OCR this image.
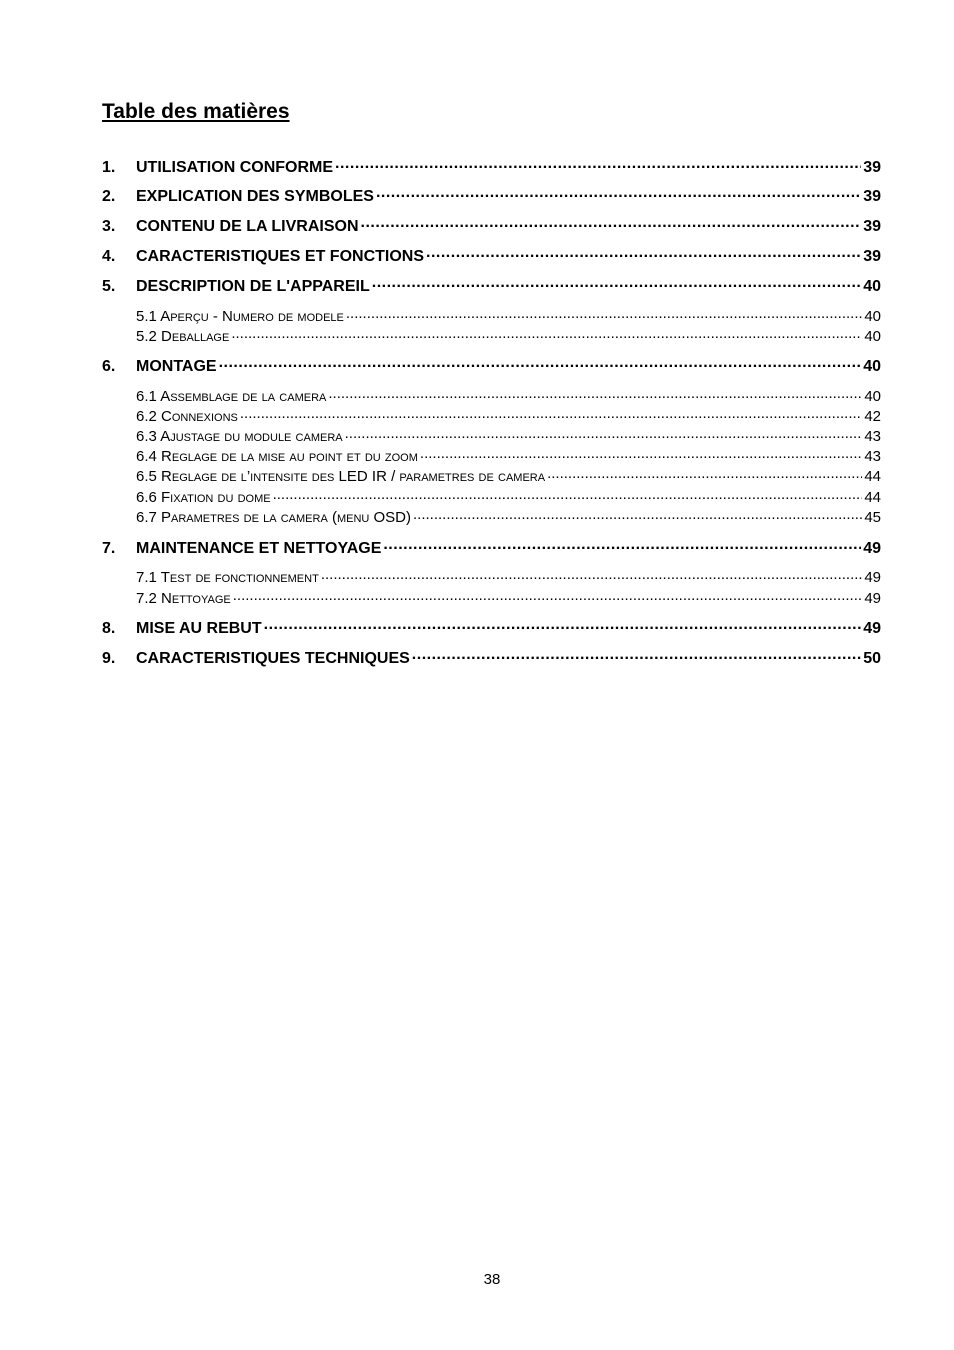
Table des matières
1.	UTILISATION CONFORME .....	39
2.	EXPLICATION DES SYMBOLES .....	39
3.	CONTENU DE LA LIVRAISON .....	39
4.	CARACTERISTIQUES ET FONCTIONS .....	39
5.	DESCRIPTION DE L'APPAREIL .....	40
5.1 Aperçu - Numero de modele .....	40
5.2 Deballage .....	40
6.	MONTAGE .....	40
6.1 Assemblage de la camera .....	40
6.2 Connexions .....	42
6.3 Ajustage du module camera .....	43
6.4 Reglage de la mise au point et du zoom .....	43
6.5 Reglage de l’intensite des LED IR / parametres de camera .....	44
6.6 Fixation du dome .....	44
6.7 Parametres de la camera (menu OSD) .....	45
7.	MAINTENANCE ET NETTOYAGE .....	49
7.1 Test de fonctionnement .....	49
7.2 Nettoyage .....	49
8.	MISE AU REBUT .....	49
9.	CARACTERISTIQUES TECHNIQUES .....	50
38
